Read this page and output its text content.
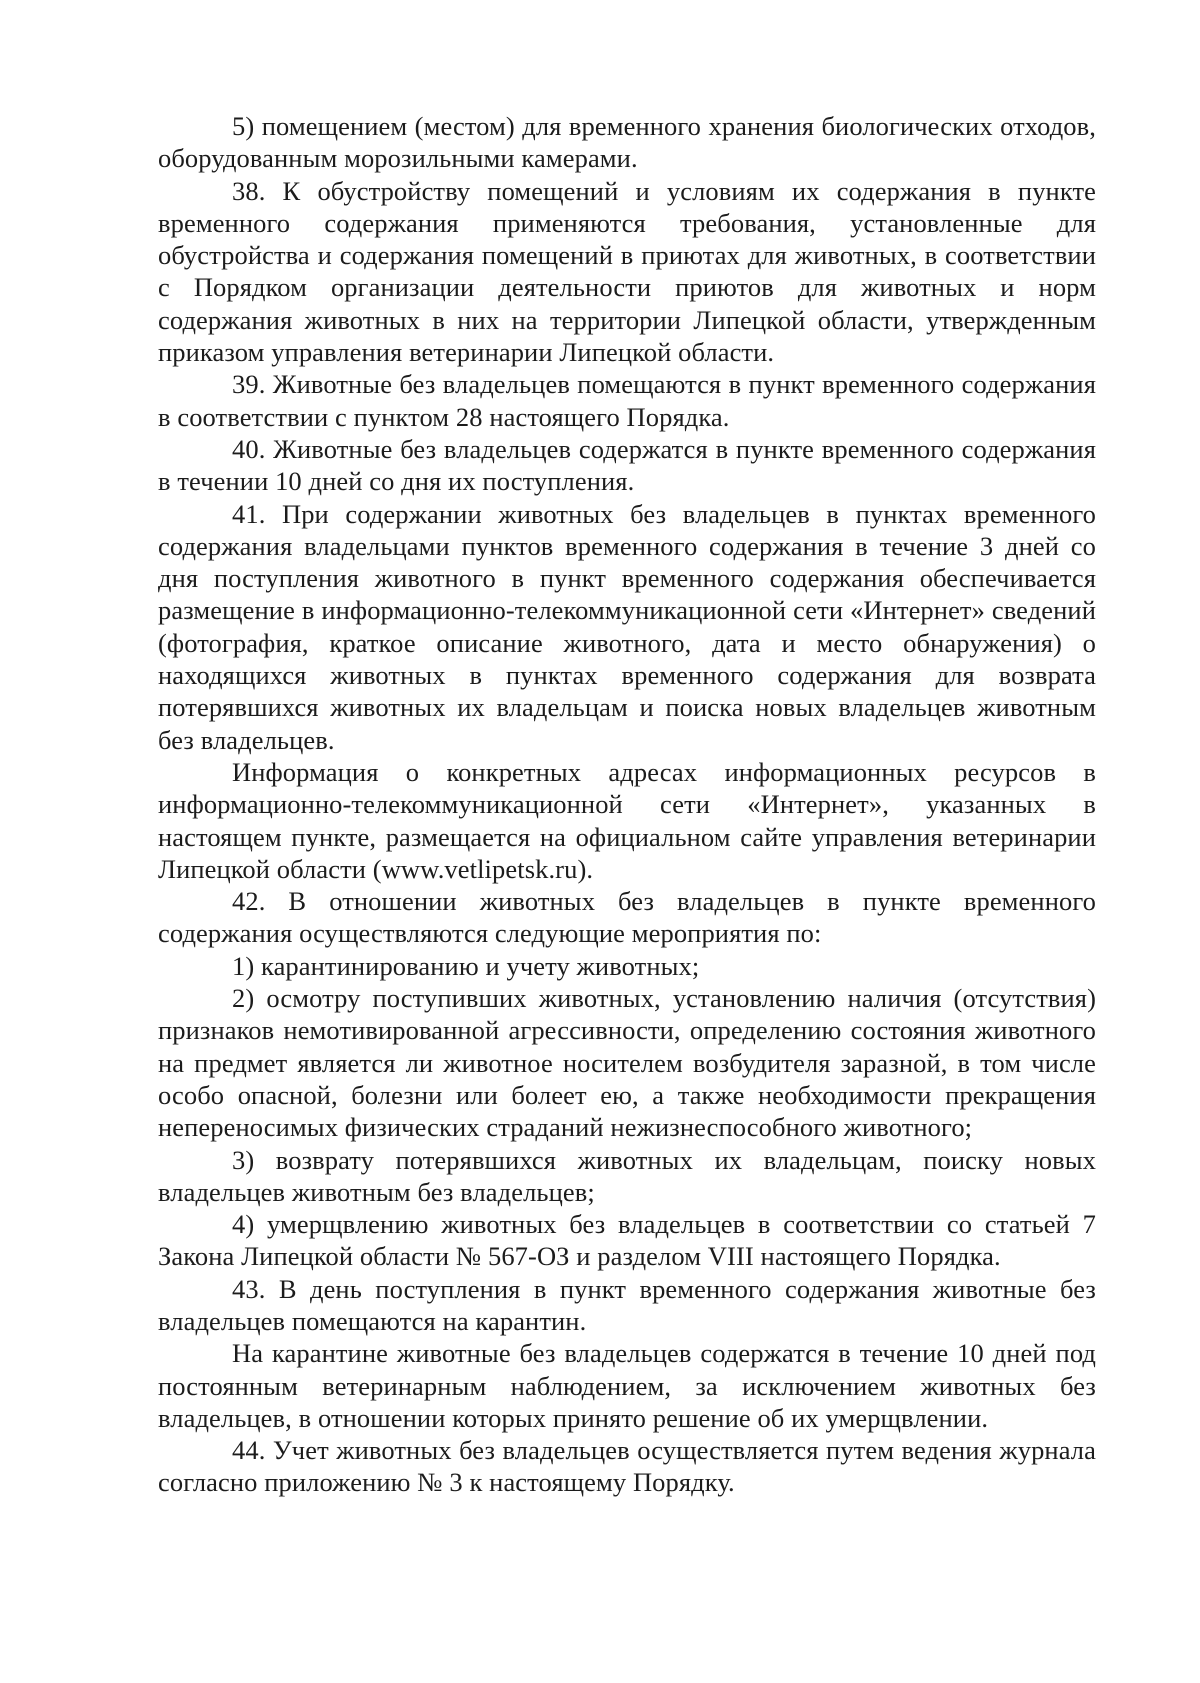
5) помещением (местом) для временного хранения биологических отходов, оборудованным морозильными камерами.

38. К обустройству помещений и условиям их содержания в пункте временного содержания применяются требования, установленные для обустройства и содержания помещений в приютах для животных, в соответствии с Порядком организации деятельности приютов для животных и норм содержания животных в них на территории Липецкой области, утвержденным приказом управления ветеринарии Липецкой области.

39. Животные без владельцев помещаются в пункт временного содержания в соответствии с пунктом 28 настоящего Порядка.

40. Животные без владельцев содержатся в пункте временного содержания в течении 10 дней со дня их поступления.

41. При содержании животных без владельцев в пунктах временного содержания владельцами пунктов временного содержания в течение 3 дней со дня поступления животного в пункт временного содержания обеспечивается размещение в информационно-телекоммуникационной сети «Интернет» сведений (фотография, краткое описание животного, дата и место обнаружения) о находящихся животных в пунктах временного содержания для возврата потерявшихся животных их владельцам и поиска новых владельцев животным без владельцев.

Информация о конкретных адресах информационных ресурсов в информационно-телекоммуникационной сети «Интернет», указанных в настоящем пункте, размещается на официальном сайте управления ветеринарии Липецкой области (www.vetlipetsk.ru).

42. В отношении животных без владельцев в пункте временного содержания осуществляются следующие мероприятия по:

1) карантинированию и учету животных;

2) осмотру поступивших животных, установлению наличия (отсутствия) признаков немотивированной агрессивности, определению состояния животного на предмет является ли животное носителем возбудителя заразной, в том числе особо опасной, болезни или болеет ею, а также необходимости прекращения непереносимых физических страданий нежизнеспособного животного;

3) возврату потерявшихся животных их владельцам, поиску новых владельцев животным без владельцев;

4) умерщвлению животных без владельцев в соответствии со статьей 7 Закона Липецкой области № 567-ОЗ и разделом VIII настоящего Порядка.

43. В день поступления в пункт временного содержания животные без владельцев помещаются на карантин.

На карантине животные без владельцев содержатся в течение 10 дней под постоянным ветеринарным наблюдением, за исключением животных без владельцев, в отношении которых принято решение об их умерщвлении.

44. Учет животных без владельцев осуществляется путем ведения журнала согласно приложению № 3 к настоящему Порядку.
